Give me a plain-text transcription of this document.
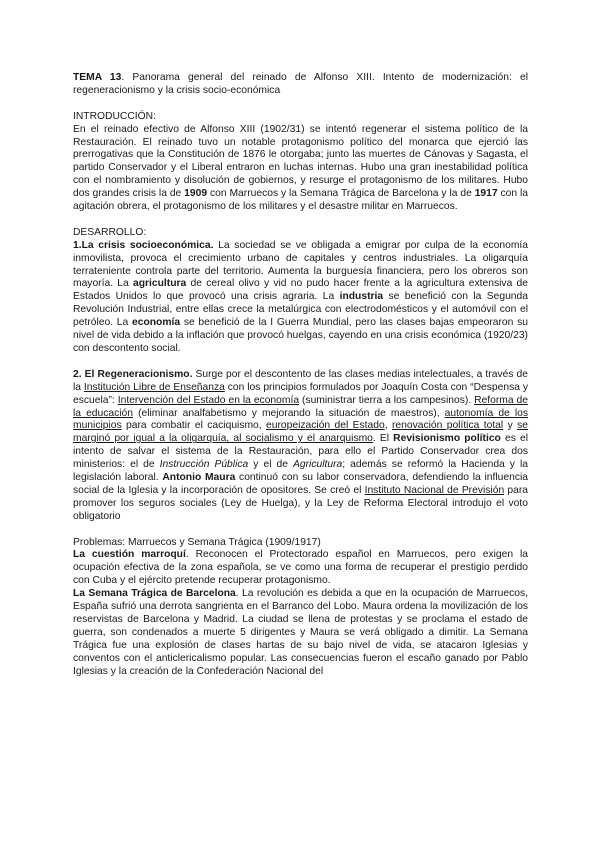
TEMA 13. Panorama general del reinado de Alfonso XIII. Intento de modernización: el regeneracionismo y la crisis socio-económica

INTRODUCCIÓN:

En el reinado efectivo de Alfonso XIII (1902/31) se intentó regenerar el sistema político de la Restauración. El reinado tuvo un notable protagonismo político del monarca que ejerció las prerrogativas que la Constitución de 1876 le otorgaba; junto las muertes de Cánovas y Sagasta, el partido Conservador y el Liberal entraron en luchas internas. Hubo una gran inestabilidad política con el nombramiento y disolución de gobiernos, y resurge el protagonismo de los militares. Hubo dos grandes crisis la de 1909 con Marruecos y la Semana Trágica de Barcelona y la de 1917 con la agitación obrera, el protagonismo de los militares y el desastre militar en Marruecos.

DESARROLLO:

1.La crisis socioeconómica. La sociedad se ve obligada a emigrar por culpa de la economía inmovilista, provoca el crecimiento urbano de capitales y centros industriales. La oligarquía terrateniente controla parte del territorio. Aumenta la burguesía financiera, pero los obreros son mayoría. La agricultura de cereal olivo y vid no pudo hacer frente a la agricultura extensiva de Estados Unidos lo que provocó una crisis agraria. La industria se benefició con la Segunda Revolución Industrial, entre ellas crece la metalúrgica con electrodomésticos y el automóvil con el petróleo. La economía se benefició de la I Guerra Mundial, pero las clases bajas empeoraron su nivel de vida debido a la inflación que provocó huelgas, cayendo en una crisis económica (1920/23) con descontento social.

2. El Regeneracionismo. Surge por el descontento de las clases medias intelectuales, a través de la Institución Libre de Enseñanza con los principios formulados por Joaquín Costa con “Despensa y escuela”: Intervención del Estado en la economía (suministrar tierra a los campesinos). Reforma de la educación (eliminar analfabetismo y mejorando la situación de maestros), autonomía de los municipios para combatir el caciquismo, europeización del Estado, renovación política total y se marginó por igual a la oligarquía, al socialismo y el anarquismo. El Revisionismo político es el intento de salvar el sistema de la Restauración, para ello el Partido Conservador crea dos ministerios: el de Instrucción Pública y el de Agricultura; además se reformó la Hacienda y la legislación laboral. Antonio Maura continuó con su labor conservadora, defendiendo la influencia social de la Iglesia y la incorporación de opositores. Se creó el Instituto Nacional de Previsión para promover los seguros sociales (Ley de Huelga), y la Ley de Reforma Electoral introdujo el voto obligatorio

Problemas: Marruecos y Semana Trágica (1909/1917)

La cuestión marroquí. Reconocen el Protectorado español en Marruecos, pero exigen la ocupación efectiva de la zona española, se ve como una forma de recuperar el prestigio perdido con Cuba y el ejército pretende recuperar protagonismo.

La Semana Trágica de Barcelona. La revolución es debida a que en la ocupación de Marruecos, España sufrió una derrota sangrienta en el Barranco del Lobo. Maura ordena la movilización de los reservistas de Barcelona y Madrid. La ciudad se llena de protestas y se proclama el estado de guerra, son condenados a muerte 5 dirigentes y Maura se verá obligado a dimitir. La Semana Trágica fue una explosión de clases hartas de su bajo nivel de vida, se atacaron Iglesias y conventos con el anticlericalismo popular. Las consecuencias fueron el escaño ganado por Pablo Iglesias y la creación de la Confederación Nacional del
